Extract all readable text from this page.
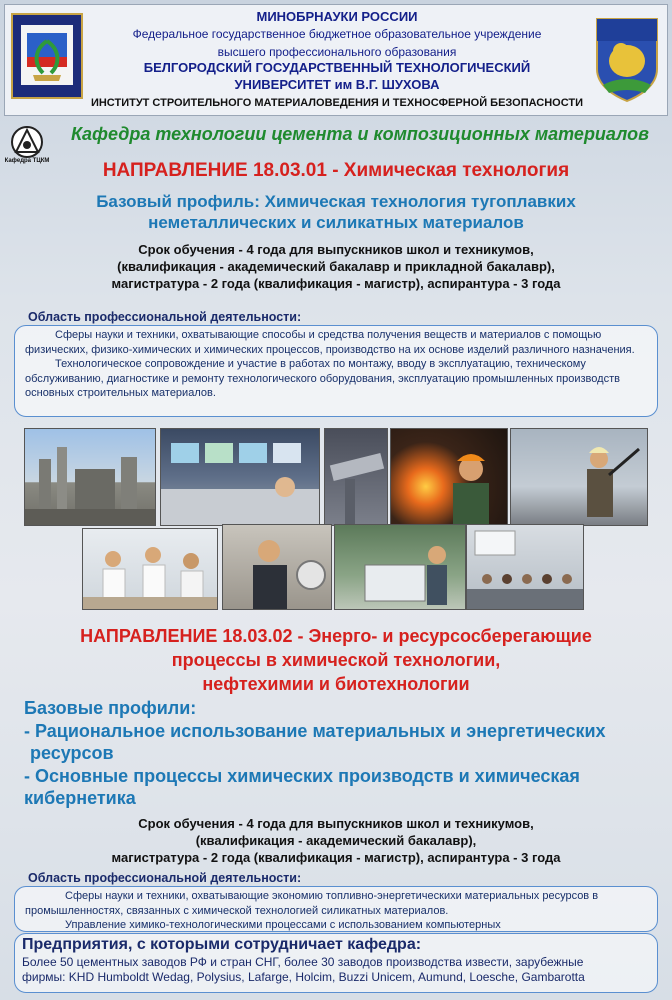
МИНОБРНАУКИ РОССИИ
Федеральное государственное бюджетное образовательное учреждение
высшего профессионального образования
БЕЛГОРОДСКИЙ ГОСУДАРСТВЕННЫЙ ТЕХНОЛОГИЧЕСКИЙ
УНИВЕРСИТЕТ им В.Г. ШУХОВА
ИНСТИТУТ СТРОИТЕЛЬНОГО МАТЕРИАЛОВЕДЕНИЯ И ТЕХНОСФЕРНОЙ БЕЗОПАСНОСТИ
Кафедра ТЦКМ
Кафедра технологии цемента и композиционных материалов
НАПРАВЛЕНИЕ 18.03.01 - Химическая технология
Базовый профиль: Химическая технология тугоплавких
неметаллических и силикатных материалов
Срок обучения - 4 года для выпускников школ и техникумов,
(квалификация - академический бакалавр и прикладной бакалавр),
магистратура - 2 года (квалификация - магистр), аспирантура - 3 года
Область профессиональной деятельности:

Сферы науки и техники, охватывающие способы и средства получения веществ и материалов с помощью физических, физико-химических и химических процессов, производство на их основе изделий различного назначения.

Технологическое сопровождение и участие в работах по монтажу, вводу в эксплуатацию, техническому обслуживанию, диагностике и ремонту технологического оборудования, эксплуатацию промышленных производств основных строительных материалов.

НАПРАВЛЕНИЕ 18.03.02 - Энерго- и ресурсосберегающие
процессы в химической технологии,
нефтехимии и биотехнологии
Базовые профили:
- Рациональное использование материальных и энергетических
ресурсов
- Основные процессы химических производств и химическая
кибернетика
Срок обучения - 4 года для выпускников школ и техникумов,
(квалификация - академический бакалавр),
магистратура - 2 года (квалификация - магистр), аспирантура - 3 года
Область профессиональной деятельности:

Сферы науки и техники, охватывающие экономию топливно-энергетическихи материальных ресурсов в промышленностях, связанных с химической технологией силикатных материалов.

Управление химико-технологическими процессами с использованием компьютерных

Предприятия, с которыми сотрудничает кафедра:
Более 50 цементных заводов РФ и стран СНГ, более 30 заводов производства извести, зарубежные
фирмы: KHD Humboldt Wedag, Polysius, Lafarge, Holcim, Buzzi Unicem, Aumund, Loesche, Gambarotta
